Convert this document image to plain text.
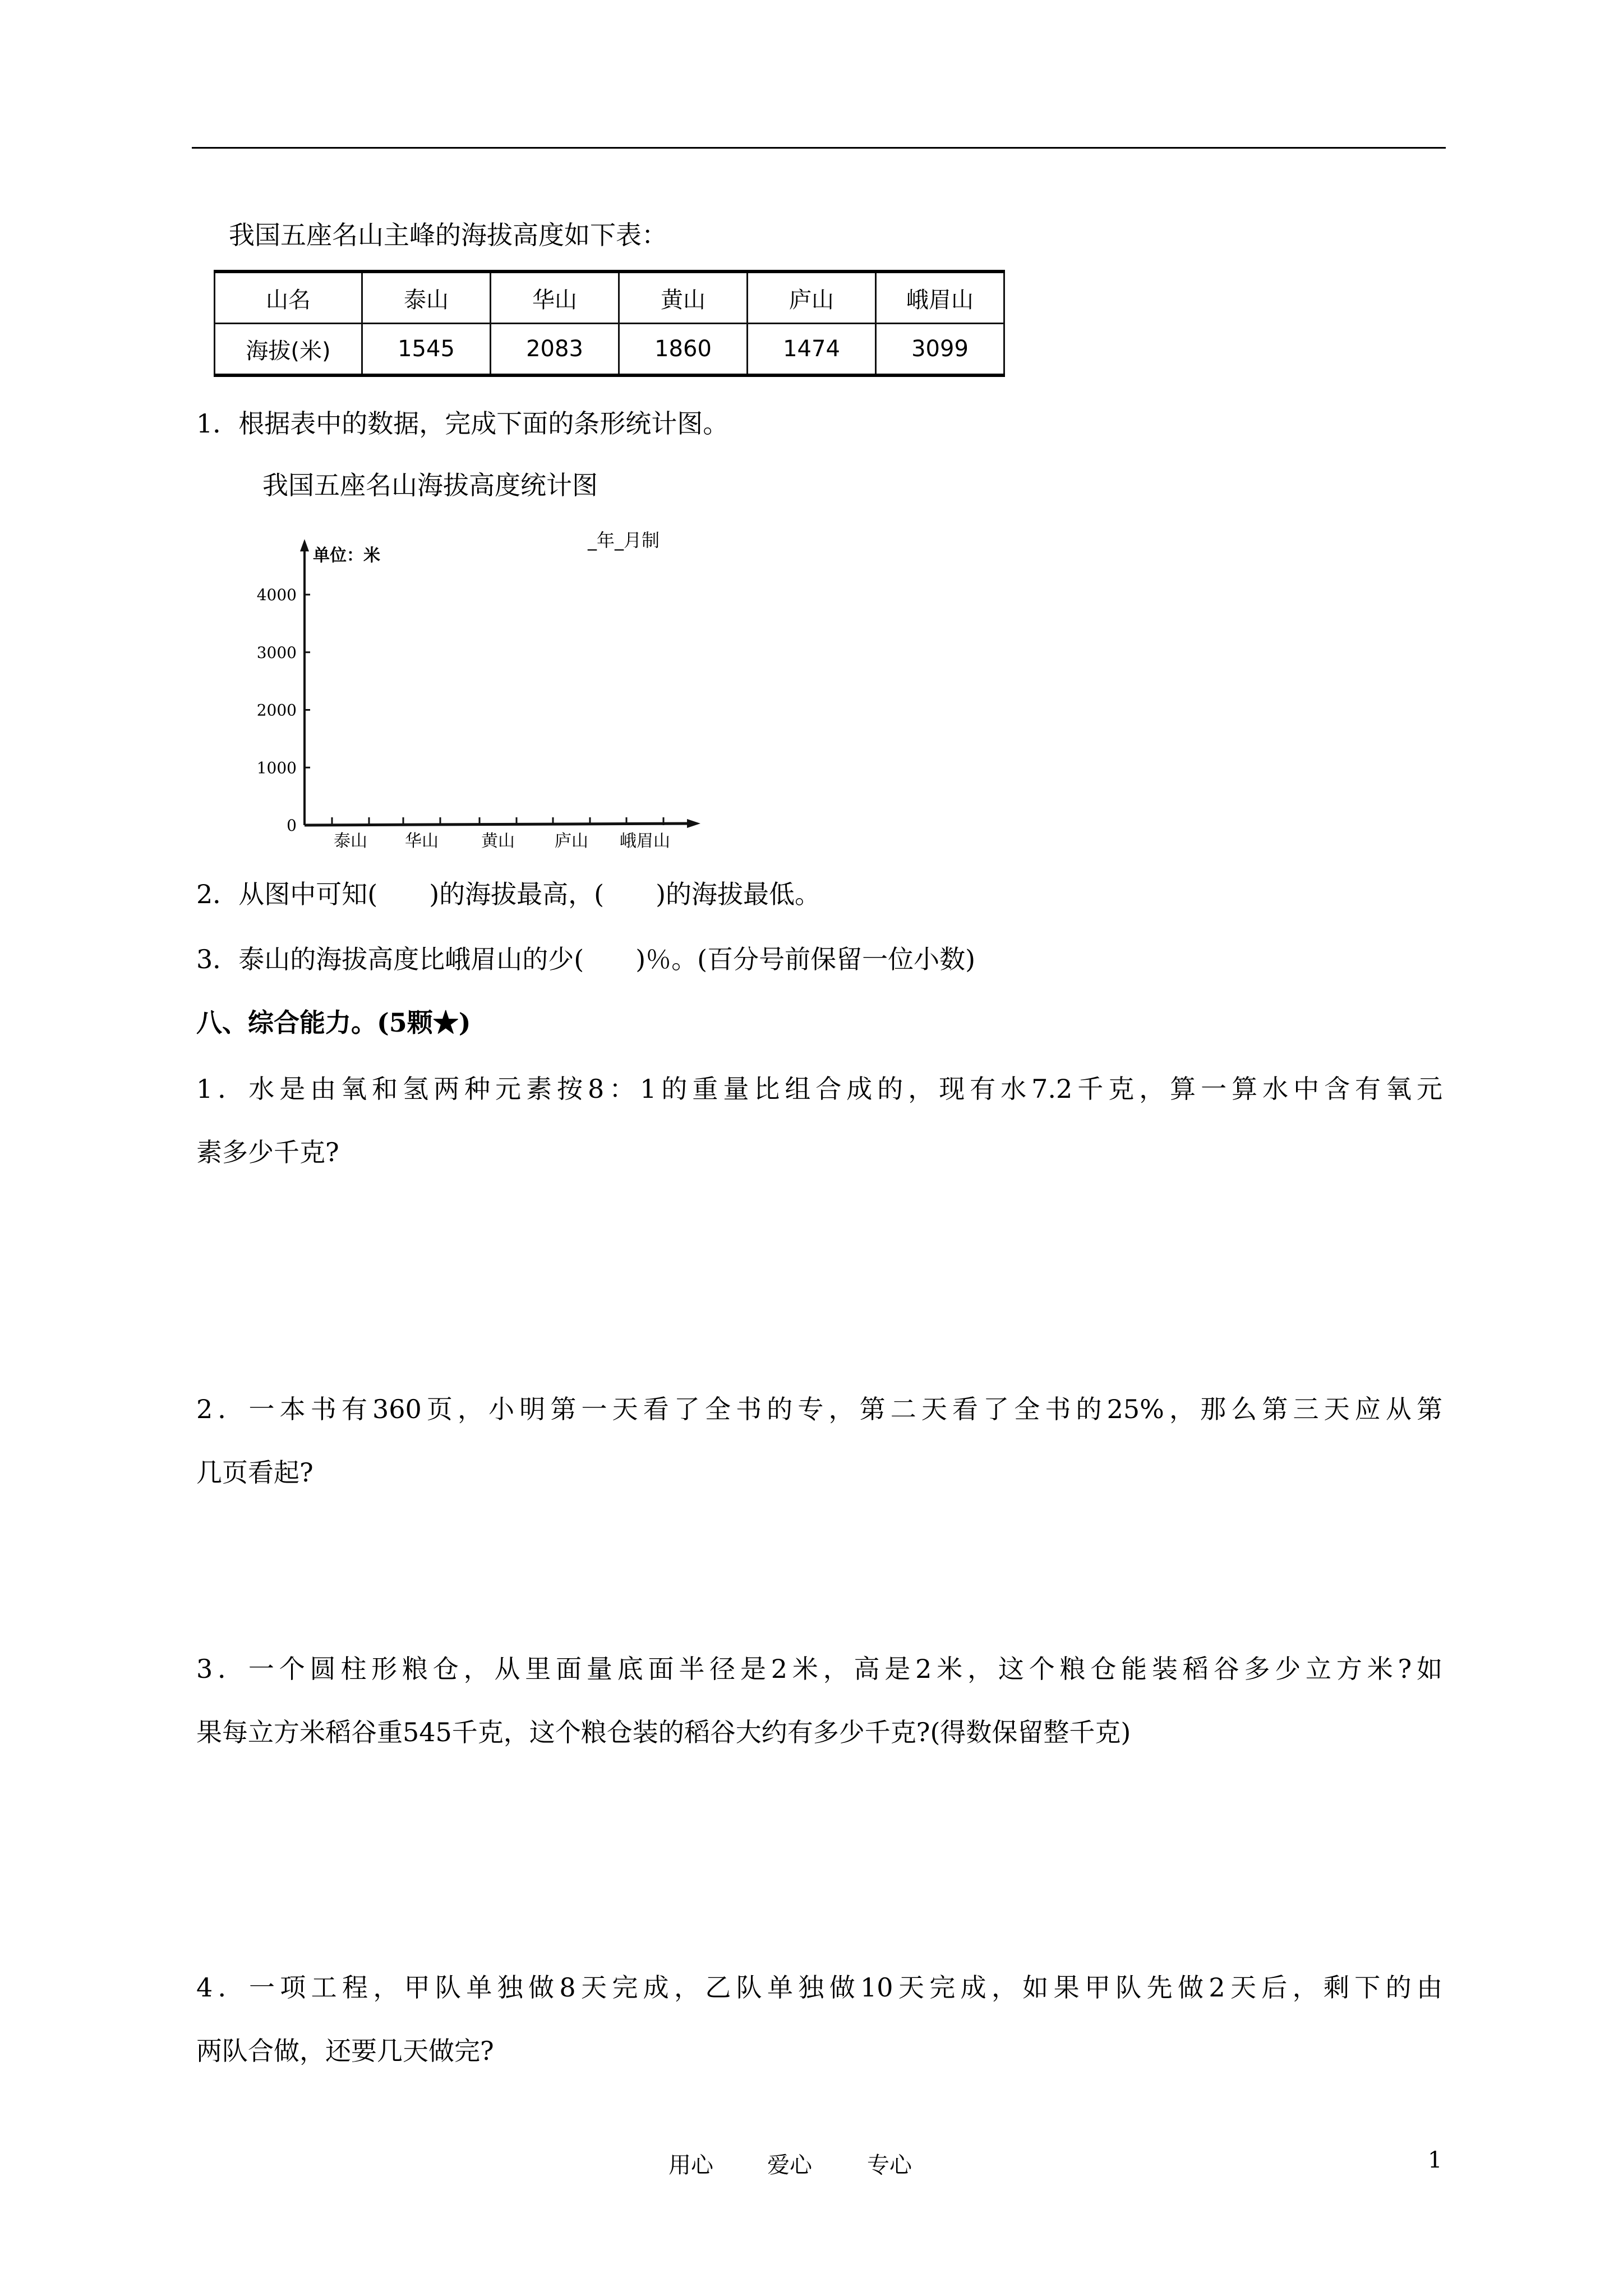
我国五座名山主峰的海拔高度如下表：
山名	泰山	华山	黄山	庐山	峨眉山
海拔(米)	1545	2083	1860	1474	3099
1．根据表中的数据，完成下面的条形统计图。
我国五座名山海拔高度统计图
单位：米
_年_月制
0
1000
2000
3000
4000
泰山 华山	黄山 庐山 峨眉山
2．从图中可知(　　)的海拔最高，(　　)的海拔最低。
3．泰山的海拔高度比峨眉山的少(　　)％。(百分号前保留一位小数)
八、综合能力。(5颗★)
1．水是由氧和氢两种元素按8：1的重量比组合成的，现有水7.2千克，算一算水中含有氧元
素多少千克?
2．一本书有360页，小明第一天看了全书的专，第二天看了全书的25%，那么第三天应从第
几页看起?
3．一个圆柱形粮仓，从里面量底面半径是2米，高是2米，这个粮仓能装稻谷多少立方米?如
果每立方米稻谷重545千克，这个粮仓装的稻谷大约有多少千克?(得数保留整千克)
4．一项工程，甲队单独做8天完成，乙队单独做10天完成，如果甲队先做2天后，剩下的由
两队合做，还要几天做完?
用心 爱心 专心	1
